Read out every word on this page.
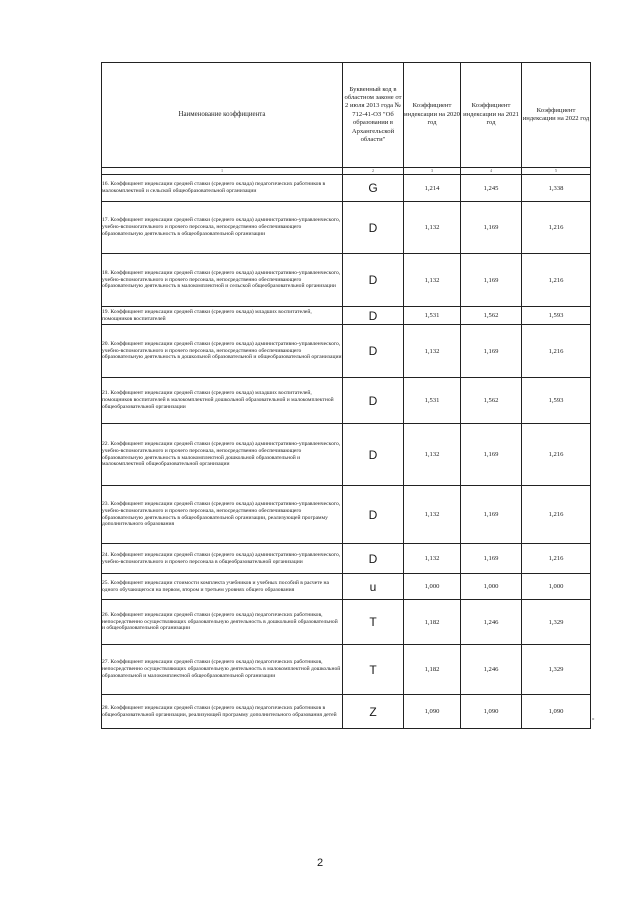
Наименование коэффициента	Буквенный код в областном законе от 2 июля 2013 года № 712-41-ОЗ "Об образовании в Архангельской области"	Коэффициент индексации на 2020 год	Коэффициент индексации на 2021 год	Коэффициент индексации на 2022 год
1	2	3	4	5
16. Коэффициент индексации средней ставки (среднего оклада) педагогических работников в малокомплектной и сельской общеобразовательной организации	G	1,214	1,245	1,338
17. Коэффициент индексации средней ставки (среднего оклада) административно-управленческого, учебно-вспомогательного и прочего персонала, непосредственно обеспечивающего образовательную деятельность в общеобразовательной организации	D	1,132	1,169	1,216
18. Коэффициент индексации средней ставки (среднего оклада) административно-управленческого, учебно-вспомогательного и прочего персонала, непосредственно обеспечивающего образовательную деятельность в малокомплектной и сельской общеобразовательной организации	D	1,132	1,169	1,216
19. Коэффициент индексации средней ставки (среднего оклада) младших воспитателей, помощников воспитателей	D	1,531	1,562	1,593
20. Коэффициент индексации средней ставки (среднего оклада) административно-управленческого, учебно-вспомогательного и прочего персонала, непосредственно обеспечивающего образовательную деятельность в дошкольной образовательной и общеобразовательной организации	D	1,132	1,169	1,216
21. Коэффициент индексации средней ставки (среднего оклада) младших воспитателей, помощников воспитателей в малокомплектной дошкольной образовательной и малокомплектной общеобразовательной организации	D	1,531	1,562	1,593
22. Коэффициент индексации средней ставки (среднего оклада) административно-управленческого, учебно-вспомогательного и прочего персонала, непосредственно обеспечивающего образовательную деятельность в малокомплектной дошкольной образовательной и малокомплектной общеобразовательной организации	D	1,132	1,169	1,216
23. Коэффициент индексации средней ставки (среднего оклада) административно-управленческого, учебно-вспомогательного и прочего персонала, непосредственно обеспечивающего образовательную деятельность в общеобразовательной организации, реализующей программу дополнительного образования	D	1,132	1,169	1,216
24. Коэффициент индексации средней ставки (среднего оклада) административно-управленческого, учебно-вспомогательного и прочего персонала в общеобразовательной организации	D	1,132	1,169	1,216
25. Коэффициент индексации стоимости комплекта учебников и учебных пособий в расчете на одного обучающегося на первом, втором и третьем уровнях общего образования	u	1,000	1,000	1,000
26. Коэффициент индексации средней ставки (среднего оклада) педагогических работников, непосредственно осуществляющих образовательную деятельность в дошкольной образовательной и общеобразовательной организации	T	1,182	1,246	1,329
27. Коэффициент индексации средней ставки (среднего оклада) педагогических работников, непосредственно осуществляющих образовательную деятельность в малокомплектной дошкольной образовательной и малокомплектной общеобразовательной организации	T	1,182	1,246	1,329
28. Коэффициент индексации средней ставки (среднего оклада) педагогических работников в общеобразовательной организации, реализующей программу дополнительного образования детей	Z	1,090	1,090	1,090
»
2
